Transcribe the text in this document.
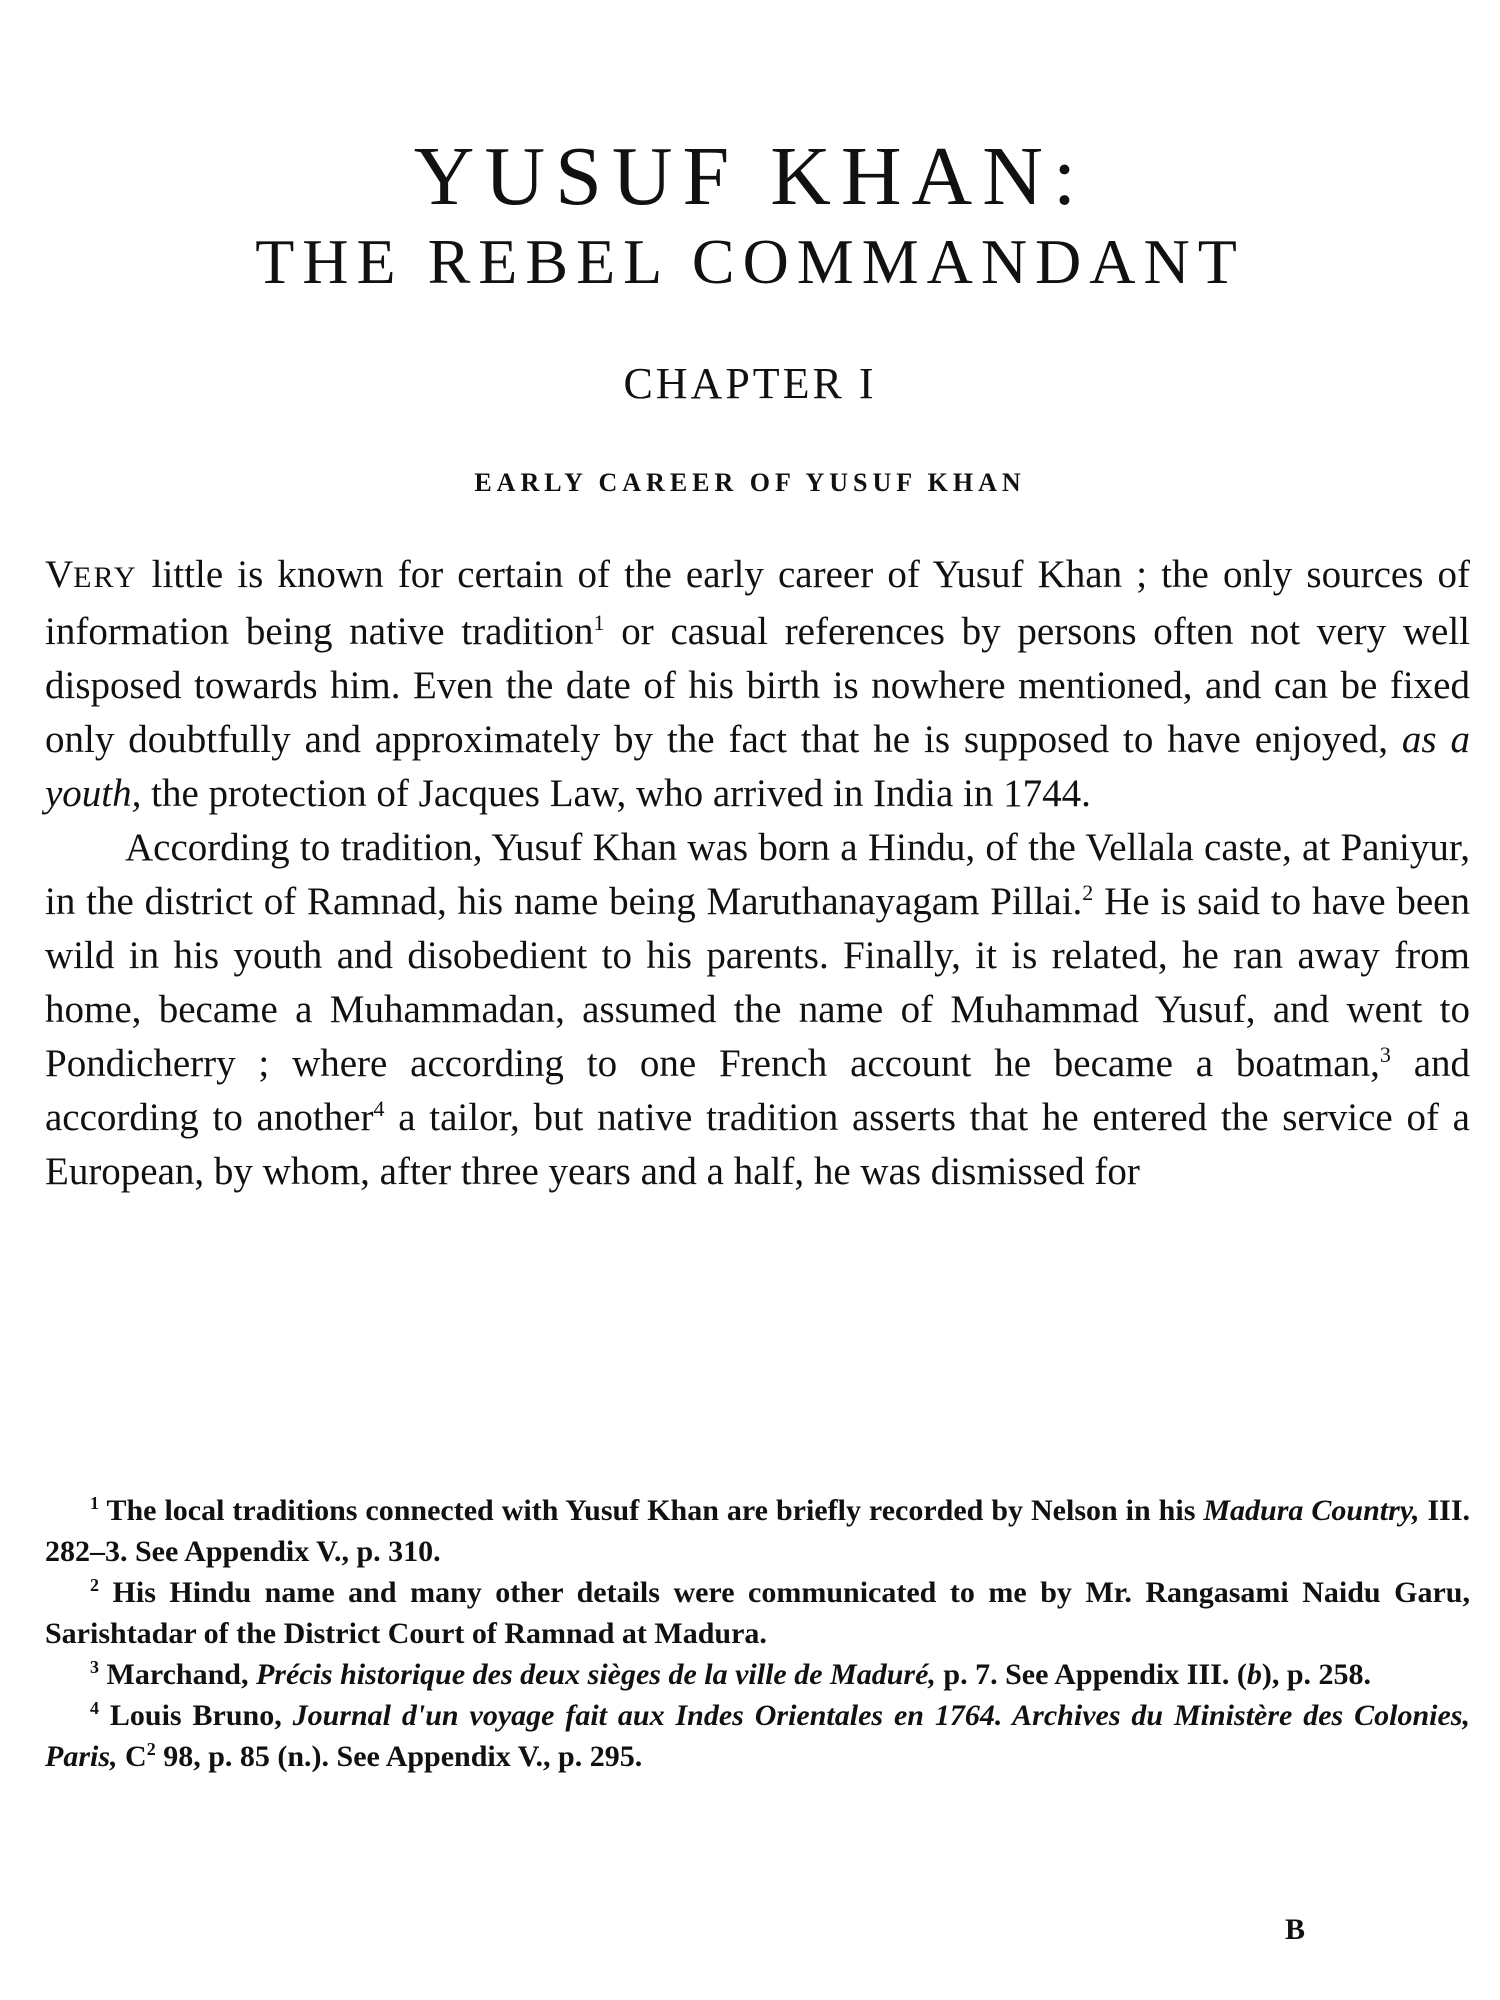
YUSUF KHAN:
THE REBEL COMMANDANT
CHAPTER I
EARLY CAREER OF YUSUF KHAN

VERY little is known for certain of the early career of Yusuf Khan ; the only sources of information being native tradition$^1$ or casual references by persons often not very well disposed towards him. Even the date of his birth is nowhere mentioned, and can be fixed only doubtfully and approximately by the fact that he is supposed to have enjoyed, as a youth, the protection of Jacques Law, who arrived in India in 1744.

According to tradition, Yusuf Khan was born a Hindu, of the Vellala caste, at Paniyur, in the district of Ramnad, his name being Maruthanayagam Pillai.$^2$ He is said to have been wild in his youth and disobedient to his parents. Finally, it is related, he ran away from home, became a Muhammadan, assumed the name of Muhammad Yusuf, and went to Pondicherry ; where according to one French account he became a boatman,$^3$ and according to another$^4$ a tailor, but native tradition asserts that he entered the service of a European, by whom, after three years and a half, he was dismissed for

$^1$ The local traditions connected with Yusuf Khan are briefly recorded by Nelson in his Madura Country, III. 282–3. See Appendix V., p. 310.

$^2$ His Hindu name and many other details were communicated to me by Mr. Rangasami Naidu Garu, Sarishtadar of the District Court of Ramnad at Madura.

$^3$ Marchand, Précis historique des deux sièges de la ville de Maduré, p. 7. See Appendix III. (b), p. 258.

$^4$ Louis Bruno, Journal d'un voyage fait aux Indes Orientales en 1764. Archives du Ministère des Colonies, Paris, $C^2$ 98, p. 85 (n.). See Appendix V., p. 295.

B
